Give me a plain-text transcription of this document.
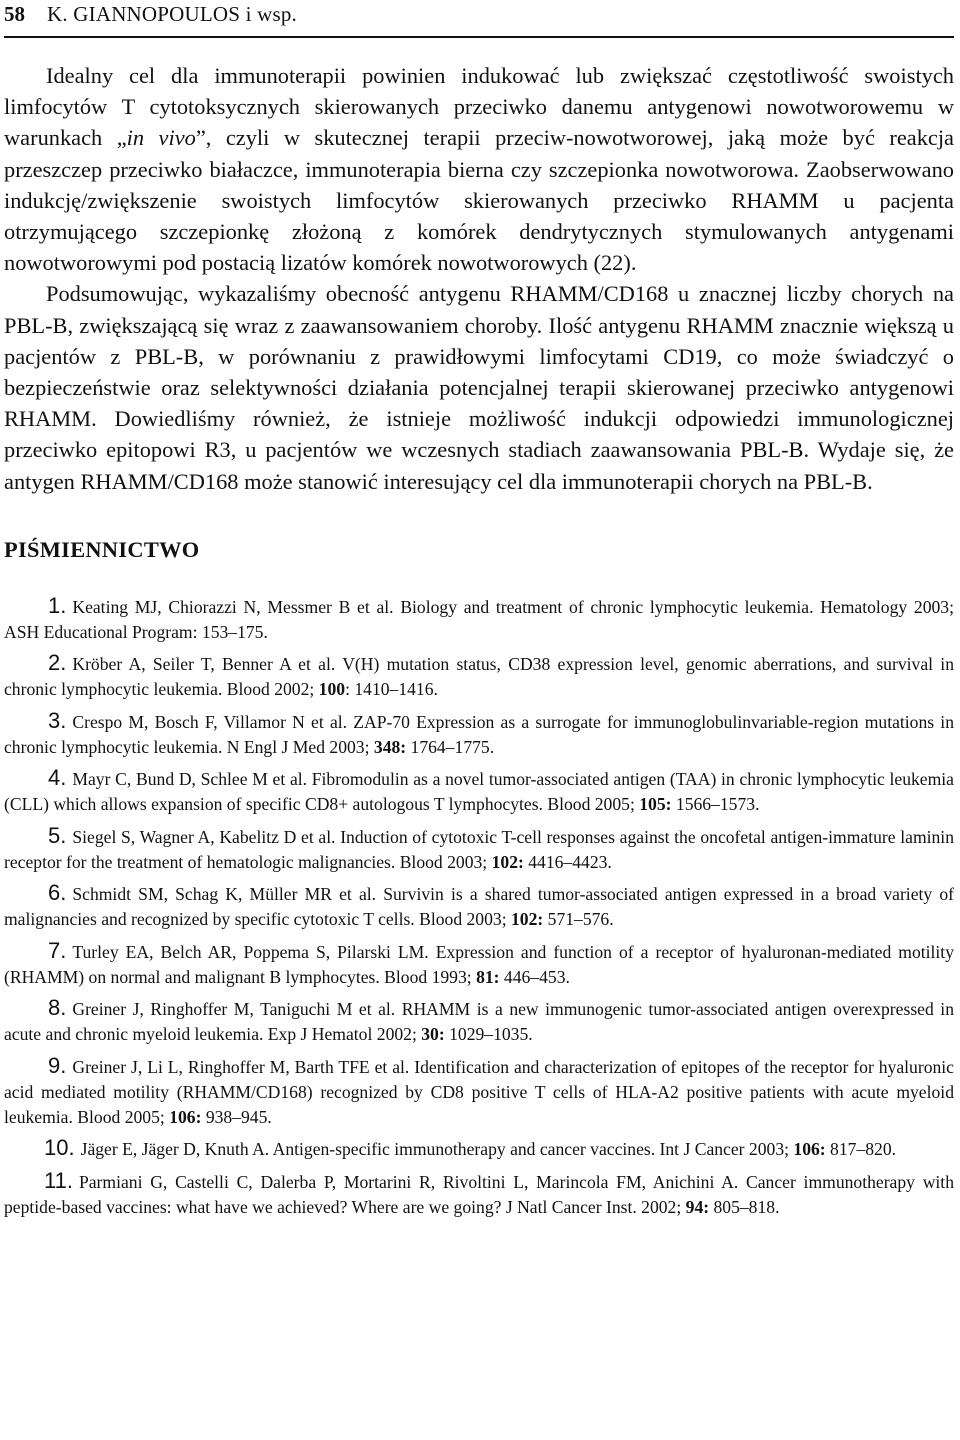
58 K. GIANNOPOULOS i wsp.

Idealny cel dla immunoterapii powinien indukować lub zwiększać częstotliwość swoistych limfocytów T cytotoksycznych skierowanych przeciwko danemu antygenowi nowotworowemu w warunkach „in vivo”, czyli w skutecznej terapii przeciw-nowotworowej, jaką może być reakcja przeszczep przeciwko białaczce, immunoterapia bierna czy szczepionka nowotworowa. Zaobserwowano indukcję/zwiększenie swoistych limfocytów skierowanych przeciwko RHAMM u pacjenta otrzymującego szczepionkę złożoną z komórek dendrytycznych stymulowanych antygenami nowotworowymi pod postacią lizatów komórek nowotworowych (22).

Podsumowując, wykazaliśmy obecność antygenu RHAMM/CD168 u znacznej liczby chorych na PBL-B, zwiększającą się wraz z zaawansowaniem choroby. Ilość antygenu RHAMM znacznie większą u pacjentów z PBL-B, w porównaniu z prawidłowymi limfocytami CD19, co może świadczyć o bezpieczeństwie oraz selektywności działania potencjalnej terapii skierowanej przeciwko antygenowi RHAMM. Dowiedliśmy również, że istnieje możliwość indukcji odpowiedzi immunologicznej przeciwko epitopowi R3, u pacjentów we wczesnych stadiach zaawansowania PBL-B. Wydaje się, że antygen RHAMM/CD168 może stanowić interesujący cel dla immunoterapii chorych na PBL-B.

PIŚMIENNICTWO
1. Keating MJ, Chiorazzi N, Messmer B et al. Biology and treatment of chronic lymphocytic leukemia. Hematology 2003; ASH Educational Program: 153–175.
2. Kröber A, Seiler T, Benner A et al. V(H) mutation status, CD38 expression level, genomic aberrations, and survival in chronic lymphocytic leukemia. Blood 2002; 100: 1410–1416.
3. Crespo M, Bosch F, Villamor N et al. ZAP-70 Expression as a surrogate for immunoglobulinvariable-region mutations in chronic lymphocytic leukemia. N Engl J Med 2003; 348: 1764–1775.
4. Mayr C, Bund D, Schlee M et al. Fibromodulin as a novel tumor-associated antigen (TAA) in chronic lymphocytic leukemia (CLL) which allows expansion of specific CD8+ autologous T lymphocytes. Blood 2005; 105: 1566–1573.
5. Siegel S, Wagner A, Kabelitz D et al. Induction of cytotoxic T-cell responses against the oncofetal antigen-immature laminin receptor for the treatment of hematologic malignancies. Blood 2003; 102: 4416–4423.
6. Schmidt SM, Schag K, Müller MR et al. Survivin is a shared tumor-associated antigen expressed in a broad variety of malignancies and recognized by specific cytotoxic T cells. Blood 2003; 102: 571–576.
7. Turley EA, Belch AR, Poppema S, Pilarski LM. Expression and function of a receptor of hyaluronan-mediated motility (RHAMM) on normal and malignant B lymphocytes. Blood 1993; 81: 446–453.
8. Greiner J, Ringhoffer M, Taniguchi M et al. RHAMM is a new immunogenic tumor-associated antigen overexpressed in acute and chronic myeloid leukemia. Exp J Hematol 2002; 30: 1029–1035.
9. Greiner J, Li L, Ringhoffer M, Barth TFE et al. Identification and characterization of epitopes of the receptor for hyaluronic acid mediated motility (RHAMM/CD168) recognized by CD8 positive T cells of HLA-A2 positive patients with acute myeloid leukemia. Blood 2005; 106: 938–945.
10. Jäger E, Jäger D, Knuth A. Antigen-specific immunotherapy and cancer vaccines. Int J Cancer 2003; 106: 817–820.
11. Parmiani G, Castelli C, Dalerba P, Mortarini R, Rivoltini L, Marincola FM, Anichini A. Cancer immunotherapy with peptide-based vaccines: what have we achieved? Where are we going? J Natl Cancer Inst. 2002; 94: 805–818.
